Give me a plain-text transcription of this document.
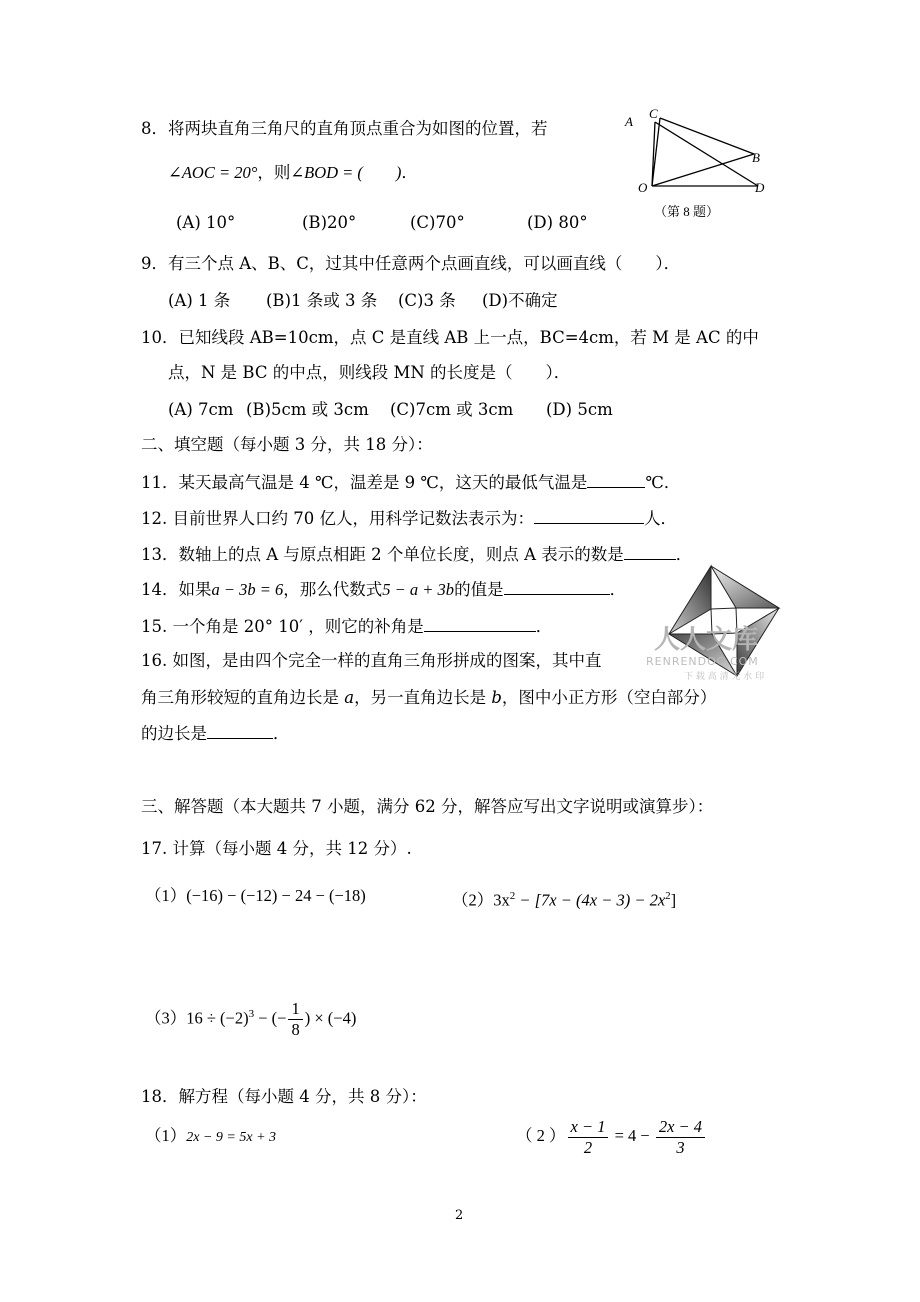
8．将两块直角三角尺的直角顶点重合为如图的位置，若
∠AOC = 20°，则∠BOD = (　　)．
(A) 10°	(B)20°	(C)70°	(D) 80°
A
C
B
O	D
（第 8 题）
9．有三个点 A、B、C，过其中任意两个点画直线，可以画直线（　　）．
(A) 1 条 (B)1 条或 3 条 (C)3 条 (D)不确定
10．已知线段 AB=10cm，点 C 是直线 AB 上一点，BC=4cm，若 M 是 AC 的中
点，N 是 BC 的中点，则线段 MN 的长度是（　　）．
(A) 7cm (B)5cm 或 3cm (C)7cm 或 3cm (D) 5cm
二、填空题（每小题 3 分，共 18 分）：
11．某天最高气温是 4 ℃，温差是 9 ℃，这天的最低气温是	℃．
12. 目前世界人口约 70 亿人，用科学记数法表示为：	人．
13．数轴上的点 A 与原点相距 2 个单位长度，则点 A 表示的数是	．
14．如果a − 3b = 6，那么代数式5 − a + 3b的值是	．
15. 一个角是 20° 10′ ，则它的补角是	．
16. 如图，是由四个完全一样的直角三角形拼成的图案，其中直
角三角形较短的直角边长是 a，另一直角边长是 b，图中小正方形（空白部分）
的边长是	．
人人文库
RENRENDOC.COM
下 载 高 清 无 水 印
三、解答题（本大题共 7 小题，满分 62 分，解答应写出文字说明或演算步）：
17. 计算（每小题 4 分，共 12 分）.
（1）(−16) − (−12) − 24 − (−18)	$(2)3x^2 - [7x - (4x - 3) - 2x^2]$
$(3)16 \div (-2)^3$ − (− $\frac{1}{8}$ ) × (−4)
18．解方程（每小题 4 分，共 8 分）：
（1）2x − 9 = 5x + 3	（ 2 ） $\frac{x - 1}{2} = 4 - \frac{2x - 4}{3}$
2
